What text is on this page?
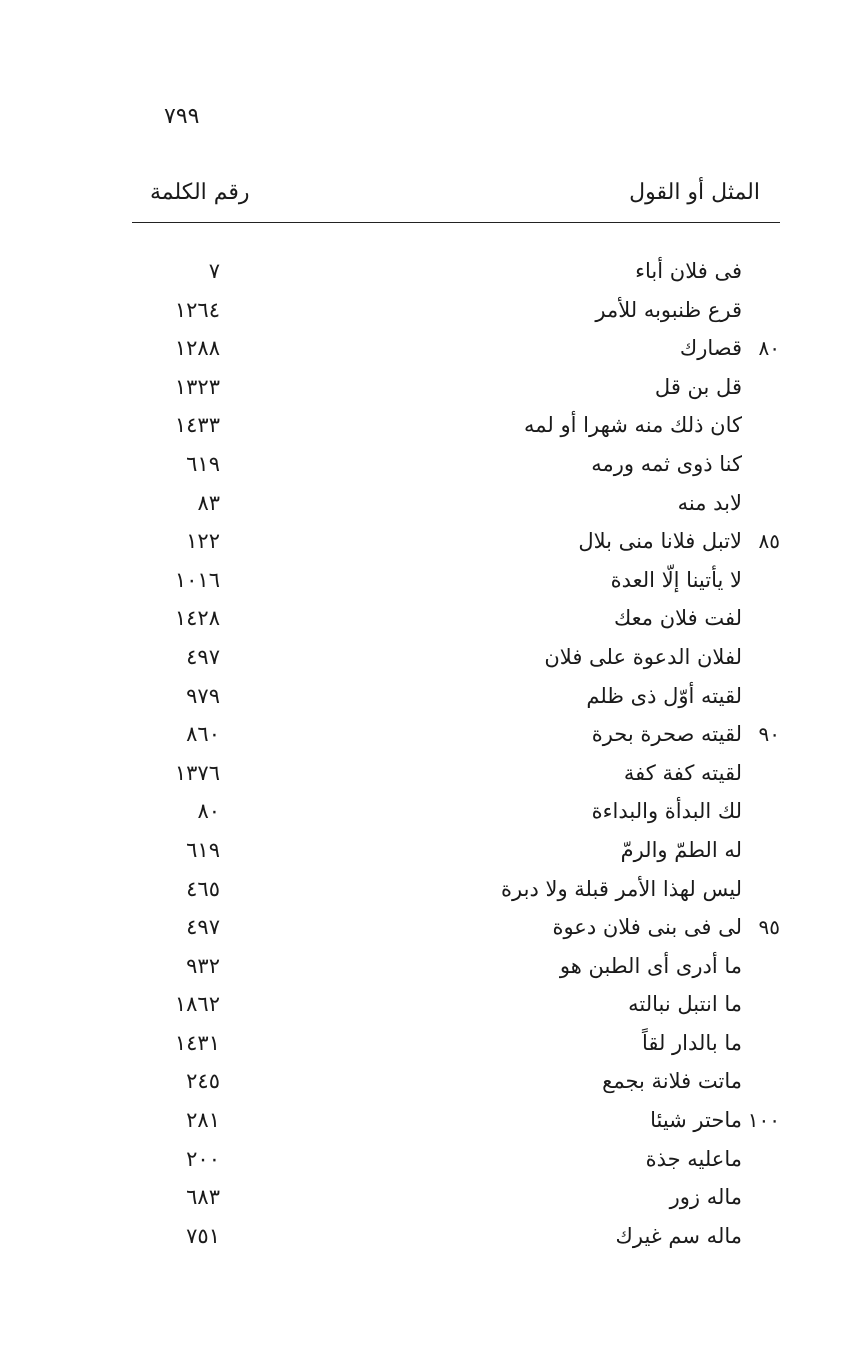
٧٩٩
المثل أو القول
رقم الكلمة
فى فلان أباء
٧
قرع ظنبوبه للأمر
١٢٦٤
٨٠
قصارك
١٢٨٨
قل بن قل
١٣٢٣
كان ذلك منه شهرا أو لمه
١٤٣٣
كنا ذوى ثمه ورمه
٦١٩
لابد منه
٨٣
٨٥
لاتبل فلانا منى بلال
١٢٢
لا يأتينا إلّا العدة
١٠١٦
لفت فلان معك
١٤٢٨
لفلان الدعوة على فلان
٤٩٧
لقيته أوّل ذى ظلم
٩٧٩
٩٠
لقيته صحرة بحرة
٨٦٠
لقيته كفة كفة
١٣٧٦
لك البدأة والبداءة
٨٠
له الطمّ والرمّ
٦١٩
ليس لهذا الأمر قبلة ولا دبرة
٤٦٥
٩٥
لى فى بنى فلان دعوة
٤٩٧
ما أدرى أى الطبن هو
٩٣٢
ما انتبل نبالته
١٨٦٢
ما بالدار لقاً
١٤٣١
ماتت فلانة بجمع
٢٤٥
١٠٠
ماحتر شيئا
٢٨١
ماعليه جذة
٢٠٠
ماله زور
٦٨٣
ماله سم غيرك
٧٥١
